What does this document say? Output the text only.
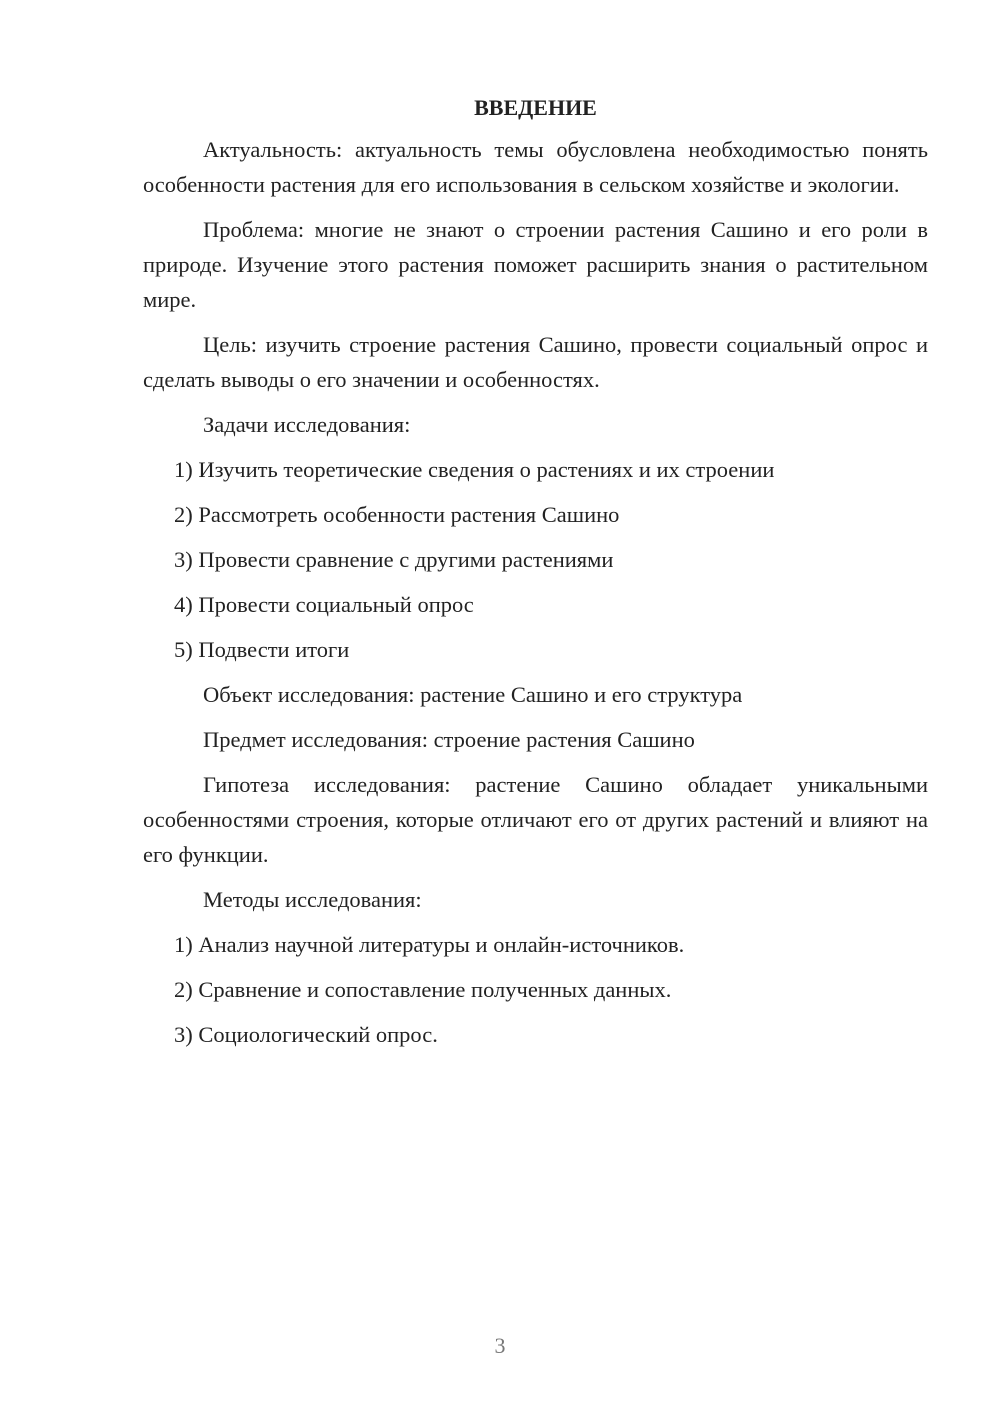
ВВЕДЕНИЕ

Актуальность: актуальность темы обусловлена необходимостью понять особенности растения для его использования в сельском хозяйстве и экологии.

Проблема: многие не знают о строении растения Сашино и его роли в природе. Изучение этого растения поможет расширить знания о растительном мире.

Цель: изучить строение растения Сашино, провести социальный опрос и сделать выводы о его значении и особенностях.

Задачи исследования:

1) Изучить теоретические сведения о растениях и их строении
2) Рассмотреть особенности растения Сашино
3) Провести сравнение с другими растениями
4) Провести социальный опрос
5) Подвести итоги

Объект исследования: растение Сашино и его структура

Предмет исследования: строение растения Сашино

Гипотеза исследования: растение Сашино обладает уникальными особенностями строения, которые отличают его от других растений и влияют на его функции.

Методы исследования:

1) Анализ научной литературы и онлайн-источников.
2) Сравнение и сопоставление полученных данных.
3) Социологический опрос.
3
